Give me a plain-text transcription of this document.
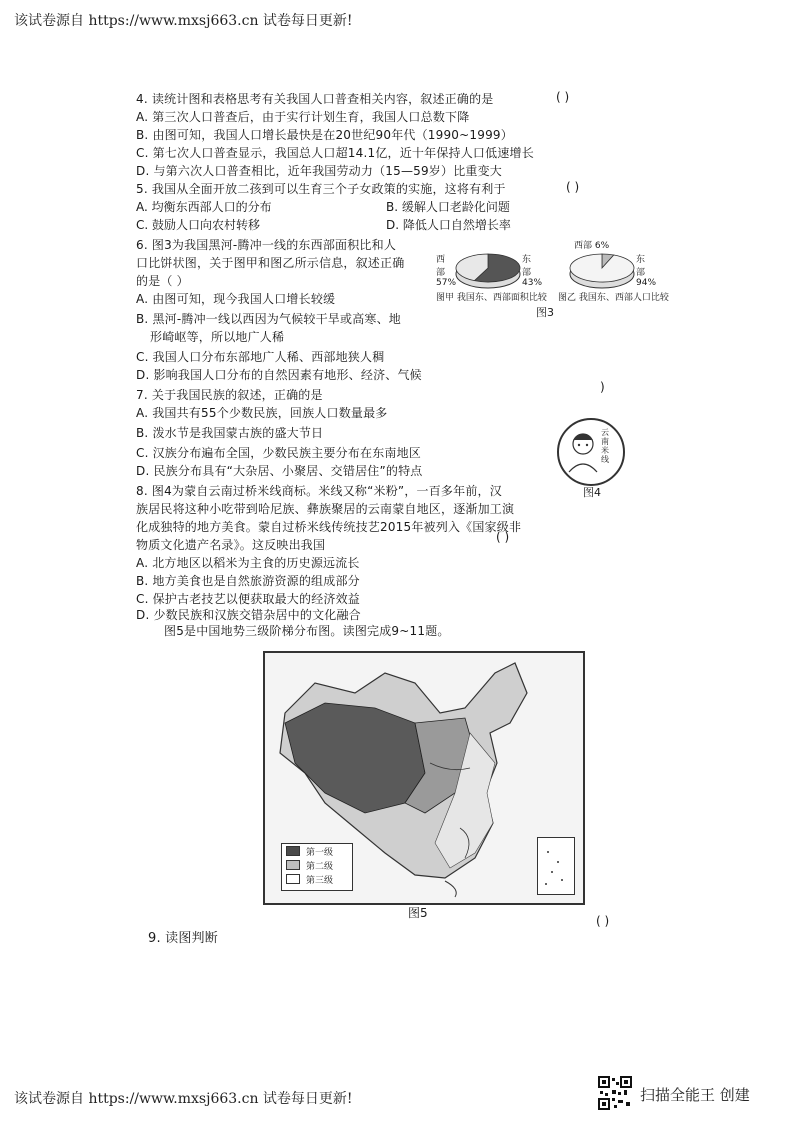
该试卷源自 https://www.mxsj663.cn 试卷每日更新!
4. 读统计图和表格思考有关我国人口普查相关内容，叙述正确的是	( )
A. 第三次人口普查后，由于实行计划生育，我国人口总数下降
B. 由图可知，我国人口增长最快是在20世纪90年代（1990~1999）
C. 第七次人口普查显示，我国总人口超14.1亿，近十年保持人口低速增长
D. 与第六次人口普查相比，近年我国劳动力（15—59岁）比重变大
5. 我国从全面开放二孩到可以生育三个子女政策的实施，这将有利于	( )
A. 均衡东西部人口的分布	B. 缓解人口老龄化问题
C. 鼓励人口向农村转移	D. 降低人口自然增长率
6. 图3为我国黑河-腾冲一线的东西部面积比和人
口比饼状图，关于图甲和图乙所示信息，叙述正确
的是（ ）
A. 由图可知，现今我国人口增长较缓
B. 黑河-腾冲一线以西因为气候较干旱或高寒、地
形崎岖等，所以地广人稀
C. 我国人口分布东部地广人稀、西部地狭人稠
D. 影响我国人口分布的自然因素有地形、经济、气候
西部 57%
东部 43%
西部 6%
东部 94%
图甲 我国东、西部面积比较 图乙 我国东、西部人口比较
图3
7. 关于我国民族的叙述，正确的是
)
A. 我国共有55个少数民族，回族人口数量最多
B. 泼水节是我国蒙古族的盛大节日
C. 汉族分布遍布全国，少数民族主要分布在东南地区
D. 民族分布具有“大杂居、小聚居、交错居住”的特点
云南米线
图4
8. 图4为蒙自云南过桥米线商标。米线又称“米粉”，一百多年前，汉
族居民将这种小吃带到哈尼族、彝族聚居的云南蒙自地区，逐渐加工演
化成独特的地方美食。蒙自过桥米线传统技艺2015年被列入《国家级非
物质文化遗产名录》。这反映出我国
( )
A. 北方地区以稻米为主食的历史源远流长
B. 地方美食也是自然旅游资源的组成部分
C. 保护古老技艺以便获取最大的经济效益
D. 少数民族和汉族交错杂居中的文化融合
图5是中国地势三级阶梯分布图。读图完成9~11题。
第一级
第二级
第三级
图5
9. 读图判断
( )
该试卷源自 https://www.mxsj663.cn 试卷每日更新!	扫描全能王 创建
